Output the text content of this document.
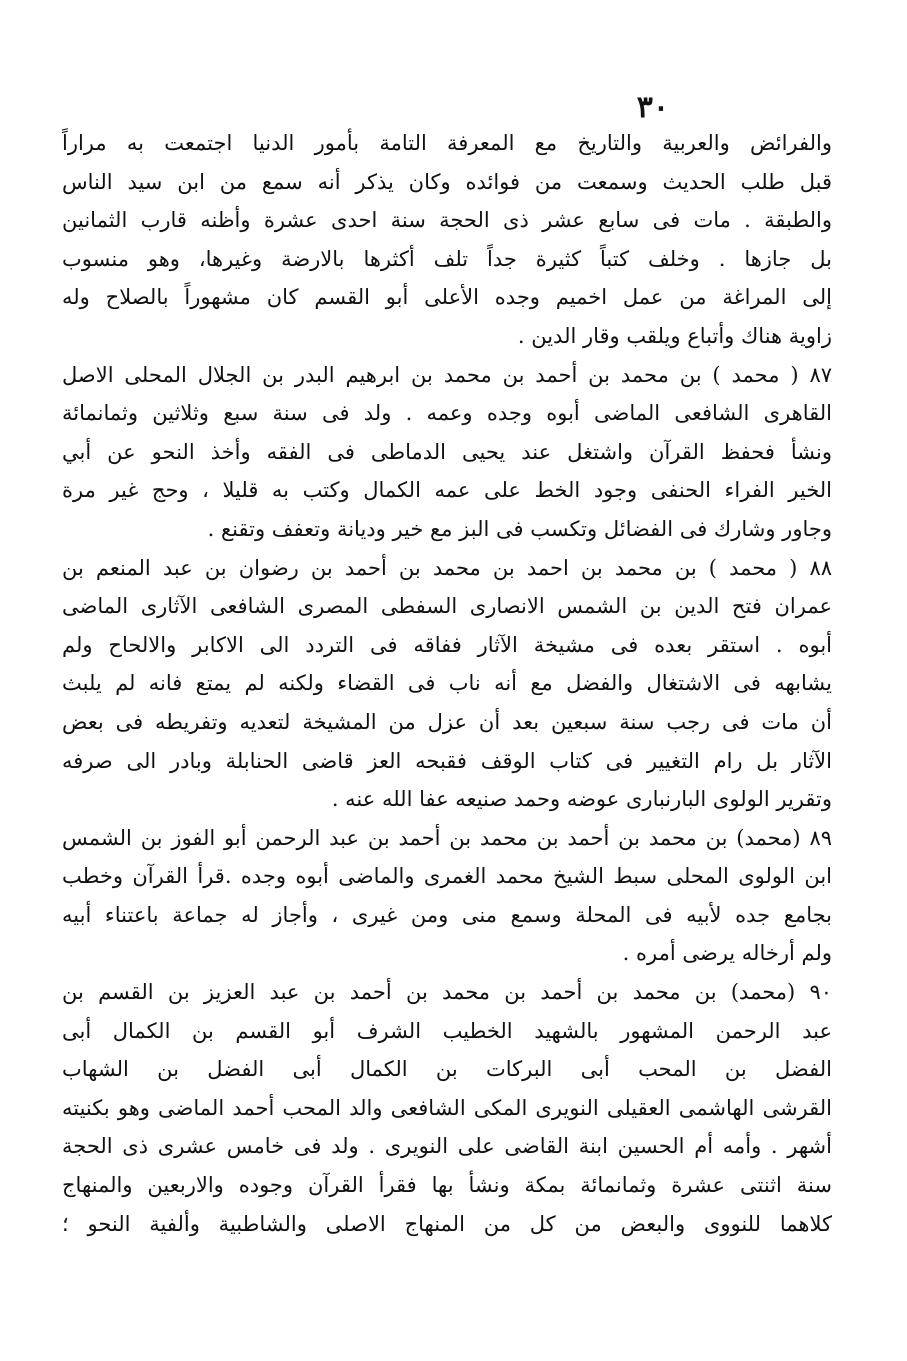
٣٠
والفرائض والعربية والتاريخ مع المعرفة التامة بأمور الدنيا اجتمعت به مراراً
قبل طلب الحديث وسمعت من فوائده وكان يذكر أنه سمع من ابن سيد الناس
والطبقة . مات فى سابع عشر ذى الحجة سنة احدى عشرة وأظنه قارب الثمانين
بل جازها . وخلف كتباً كثيرة جداً تلف أكثرها بالارضة وغيرها، وهو منسوب
إلى المراغة من عمل اخميم وجده الأعلى أبو القسم كان مشهوراً بالصلاح وله
زاوية هناك وأتباع ويلقب وقار الدين .
٨٧ ( محمد ) بن محمد بن أحمد بن محمد بن ابرهيم البدر بن الجلال المحلى الاصل
القاهرى الشافعى الماضى أبوه وجده وعمه . ولد فى سنة سبع وثلاثين وثمانمائة
ونشأ فحفظ القرآن واشتغل عند يحيى الدماطى فى الفقه وأخذ النحو عن أبي
الخير الفراء الحنفى وجود الخط على عمه الكمال وكتب به قليلا ، وحج غير مرة
وجاور وشارك فى الفضائل وتكسب فى البز مع خير وديانة وتعفف وتقنع .
٨٨ ( محمد ) بن محمد بن احمد بن محمد بن أحمد بن رضوان بن عبد المنعم بن
عمران فتح الدين بن الشمس الانصارى السفطى المصرى الشافعى الآثارى الماضى
أبوه . استقر بعده فى مشيخة الآثار ففاقه فى التردد الى الاكابر والالحاح ولم
يشابهه فى الاشتغال والفضل مع أنه ناب فى القضاء ولكنه لم يمتع فانه لم يلبث
أن مات فى رجب سنة سبعين بعد أن عزل من المشيخة لتعديه وتفريطه فى بعض
الآثار بل رام التغيير فى كتاب الوقف فقبحه العز قاضى الحنابلة وبادر الى صرفه
وتقرير الولوى البارنبارى عوضه وحمد صنيعه عفا الله عنه .
٨٩ (محمد) بن محمد بن أحمد بن محمد بن أحمد بن عبد الرحمن أبو الفوز بن الشمس
ابن الولوى المحلى سبط الشيخ محمد الغمرى والماضى أبوه وجده .قرأ القرآن وخطب
بجامع جده لأبيه فى المحلة وسمع منى ومن غيرى ، وأجاز له جماعة باعتناء أبيه
ولم أرخاله يرضى أمره .
٩٠ (محمد) بن محمد بن أحمد بن محمد بن أحمد بن عبد العزيز بن القسم بن
عبد الرحمن المشهور بالشهيد الخطيب الشرف أبو القسم بن الكمال أبى
الفضل بن المحب أبى البركات بن الكمال أبى الفضل بن الشهاب
القرشى الهاشمى العقيلى النويرى المكى الشافعى والد المحب أحمد الماضى وهو بكنيته
أشهر . وأمه أم الحسين ابنة القاضى على النويرى . ولد فى خامس عشرى ذى الحجة
سنة اثنتى عشرة وثمانمائة بمكة ونشأ بها فقرأ القرآن وجوده والاربعين والمنهاج
كلاهما للنووى والبعض من كل من المنهاج الاصلى والشاطبية وألفية النحو ؛
